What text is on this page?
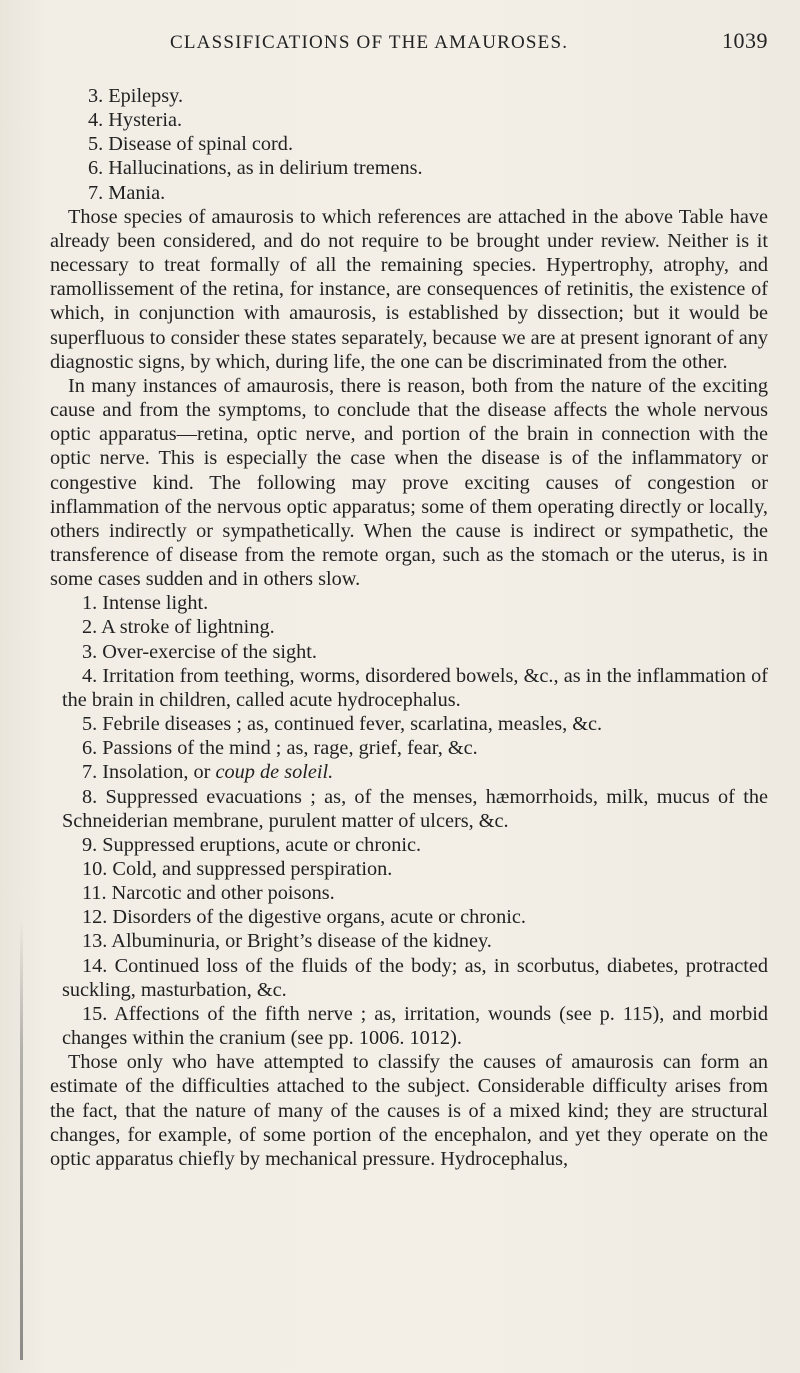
CLASSIFICATIONS OF THE AMAUROSES.	1039
3. Epilepsy.
4. Hysteria.
5. Disease of spinal cord.
6. Hallucinations, as in delirium tremens.
7. Mania.

Those species of amaurosis to which references are attached in the above Table have already been considered, and do not require to be brought under review. Neither is it necessary to treat formally of all the remaining species. Hypertrophy, atrophy, and ramollissement of the retina, for instance, are consequences of retinitis, the existence of which, in conjunction with amaurosis, is established by dissection; but it would be superfluous to consider these states separately, because we are at present ignorant of any diagnostic signs, by which, during life, the one can be discriminated from the other.

In many instances of amaurosis, there is reason, both from the nature of the exciting cause and from the symptoms, to conclude that the disease affects the whole nervous optic apparatus—retina, optic nerve, and portion of the brain in connection with the optic nerve. This is especially the case when the disease is of the inflammatory or congestive kind. The following may prove exciting causes of congestion or inflammation of the nervous optic apparatus; some of them operating directly or locally, others indirectly or sympathetically. When the cause is indirect or sympathetic, the transference of disease from the remote organ, such as the stomach or the uterus, is in some cases sudden and in others slow.

1. Intense light.
2. A stroke of lightning.
3. Over-exercise of the sight.
4. Irritation from teething, worms, disordered bowels, &c., as in the inflammation of the brain in children, called acute hydrocephalus.
5. Febrile diseases ; as, continued fever, scarlatina, measles, &c.
6. Passions of the mind ; as, rage, grief, fear, &c.
7. Insolation, or coup de soleil.
8. Suppressed evacuations ; as, of the menses, hæmorrhoids, milk, mucus of the Schneiderian membrane, purulent matter of ulcers, &c.
9. Suppressed eruptions, acute or chronic.
10. Cold, and suppressed perspiration.
11. Narcotic and other poisons.
12. Disorders of the digestive organs, acute or chronic.
13. Albuminuria, or Bright’s disease of the kidney.
14. Continued loss of the fluids of the body; as, in scorbutus, diabetes, protracted suckling, masturbation, &c.
15. Affections of the fifth nerve ; as, irritation, wounds (see p. 115), and morbid changes within the cranium (see pp. 1006. 1012).

Those only who have attempted to classify the causes of amaurosis can form an estimate of the difficulties attached to the subject. Considerable difficulty arises from the fact, that the nature of many of the causes is of a mixed kind; they are structural changes, for example, of some portion of the encephalon, and yet they operate on the optic apparatus chiefly by mechanical pressure. Hydrocephalus,
